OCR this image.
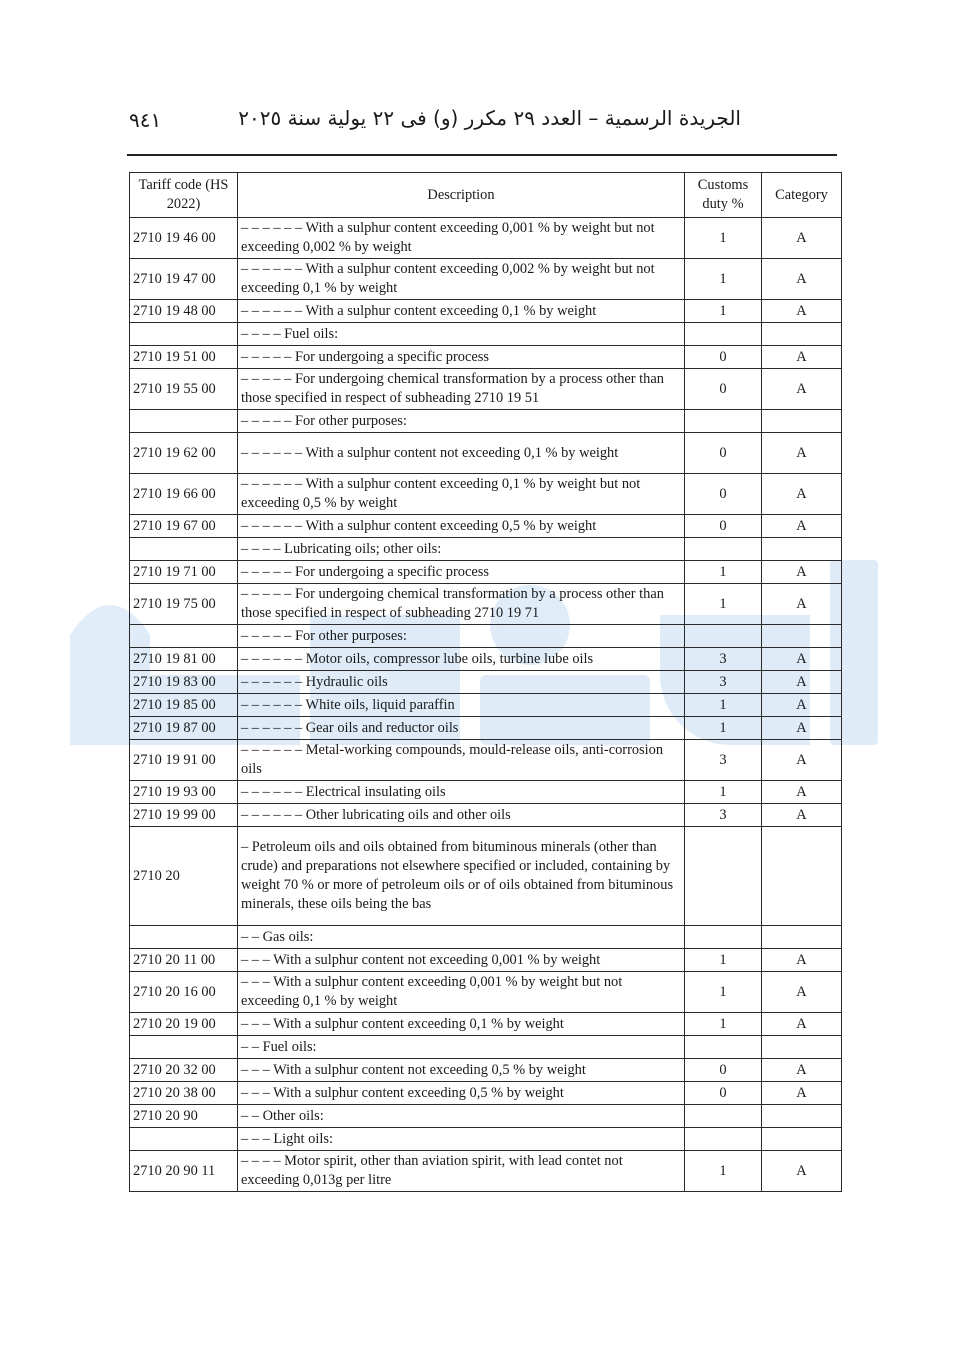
٩٤١	الجريدة الرسمية – العدد ٢٩ مكرر (و) فى ٢٢ يولية سنة ٢٠٢٥
Tariff code (HS 2022)	Description	Customs duty %	Category
2710 19 46 00	– – – – – – With a sulphur content exceeding 0,001 % by weight but not exceeding 0,002 % by weight	1	A
2710 19 47 00	– – – – – – With a sulphur content exceeding 0,002 % by weight but not exceeding 0,1 % by weight	1	A
2710 19 48 00	– – – – – – With a sulphur content exceeding 0,1 % by weight	1	A
	– – – – Fuel oils:		
2710 19 51 00	– – – – – For undergoing a specific process	0	A
2710 19 55 00	– – – – – For undergoing chemical transformation by a process other than those specified in respect of subheading 2710 19 51	0	A
	– – – – – For other purposes:		
2710 19 62 00	– – – – – – With a sulphur content not exceeding 0,1 % by weight	0	A
2710 19 66 00	– – – – – – With a sulphur content exceeding 0,1 % by weight but not exceeding 0,5 % by weight	0	A
2710 19 67 00	– – – – – – With a sulphur content exceeding 0,5 % by weight	0	A
	– – – – Lubricating oils; other oils:		
2710 19 71 00	– – – – – For undergoing a specific process	1	A
2710 19 75 00	– – – – – For undergoing chemical transformation by a process other than those specified in respect of subheading 2710 19 71	1	A
	– – – – – For other purposes:		
2710 19 81 00	– – – – – – Motor oils, compressor lube oils, turbine lube oils	3	A
2710 19 83 00	– – – – – – Hydraulic oils	3	A
2710 19 85 00	– – – – – – White oils, liquid paraffin	1	A
2710 19 87 00	– – – – – – Gear oils and reductor oils	1	A
2710 19 91 00	– – – – – – Metal-working compounds, mould-release oils, anti-corrosion oils	3	A
2710 19 93 00	– – – – – – Electrical insulating oils	1	A
2710 19 99 00	– – – – – – Other lubricating oils and other oils	3	A
2710 20	– Petroleum oils and oils obtained from bituminous minerals (other than crude) and preparations not elsewhere specified or included, containing by weight 70 % or more of petroleum oils or of oils obtained from bituminous minerals, these oils being the bas		
	– – Gas oils:		
2710 20 11 00	– – – With a sulphur content not exceeding 0,001 % by weight	1	A
2710 20 16 00	– – – With a sulphur content exceeding 0,001 % by weight but not exceeding 0,1 % by weight	1	A
2710 20 19 00	– – – With a sulphur content exceeding 0,1 % by weight	1	A
	– – Fuel oils:		
2710 20 32 00	– – – With a sulphur content not exceeding 0,5 % by weight	0	A
2710 20 38 00	– – – With a sulphur content exceeding 0,5 % by weight	0	A
2710 20 90	– – Other oils:		
	– – – Light oils:		
2710 20 90 11	– – – – Motor spirit, other than aviation spirit, with lead contet not exceeding 0,013g per litre	1	A
